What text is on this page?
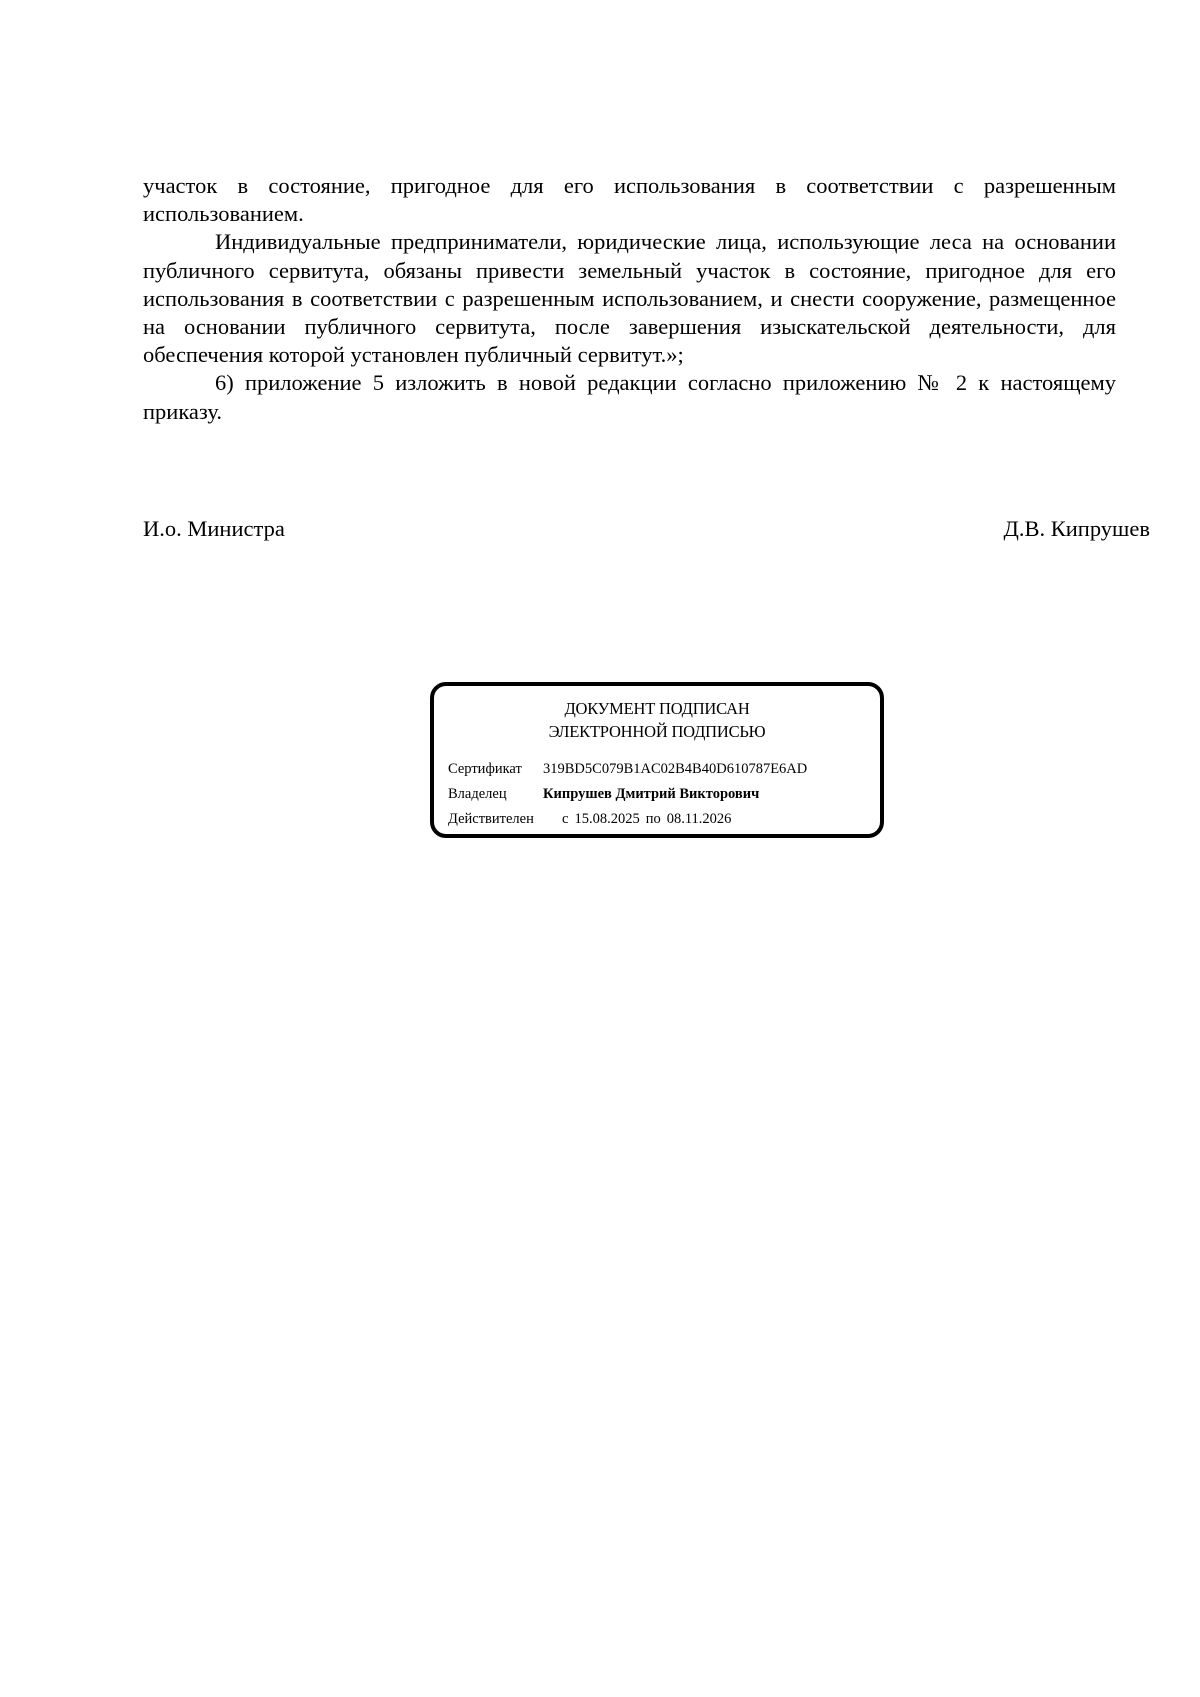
участок в состояние, пригодное для его использования в соответствии с разрешенным использованием.

Индивидуальные предприниматели, юридические лица, использующие леса на основании публичного сервитута, обязаны привести земельный участок в состояние, пригодное для его использования в соответствии с разрешенным использованием, и снести сооружение, размещенное на основании публичного сервитута, после завершения изыскательской деятельности, для обеспечения которой установлен публичный сервитут.»;

6) приложение 5 изложить в новой редакции согласно приложению № 2 к настоящему приказу.

И.о. Министра	Д.В. Кипрушев
ДОКУМЕНТ ПОДПИСАН
ЭЛЕКТРОННОЙ ПОДПИСЬЮ
Сертификат 319BD5C079B1AC02B4B40D610787E6AD
Владелец	Кипрушев Дмитрий Викторович
Действителен с 15.08.2025 по 08.11.2026
